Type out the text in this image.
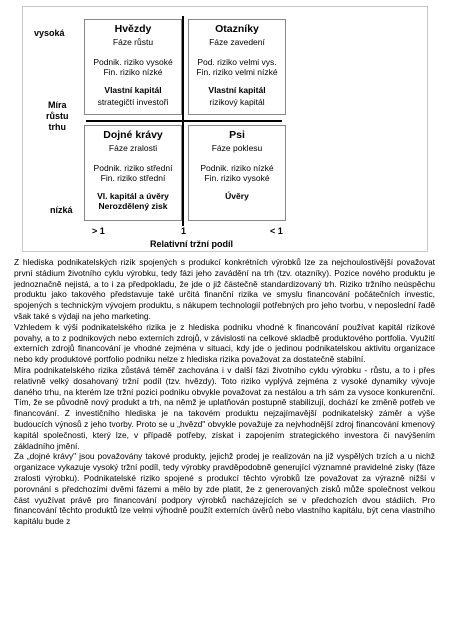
vysoká
Míra
růstu
trhu
nízká
Hvězdy
Fáze růstu
Podnik. riziko vysoké
Fin. riziko nízké
Vlastní kapitál
strategičtí investoři
Otazníky
Fáze zavedení
Pod. riziko velmi vys.
Fin. riziko velmi nízké
Vlastní kapitál
rizikový kapitál
Dojné krávy
Fáze zralosti
Podnik. riziko střední
Fin. riziko střední
Vl. kapitál a úvěry
Nerozdělený zisk
Psi
Fáze poklesu
Podnik. riziko nízké
Fin. riziko vysoké
Úvěry
> 1	1	< 1
Relativní tržní podíl

Z hlediska podnikatelských rizik spojených s produkcí konkrétních výrobků lze za nejchoulostivější považovat první stádium životního cyklu výrobku, tedy fázi jeho zavádění na trh (tzv. otazníky). Pozice nového produktu je jednoznačně nejistá, a to i za předpokladu, že jde o již částečně standardizovaný trh. Riziko tržního neúspěchu produktu jako takového představuje také určitá finanční rizika ve smyslu financování počátečních investic, spojených s technickým vývojem produktu, s nákupem technologií potřebných pro jeho tvorbu, v neposlední řadě však také s výdaji na jeho marketing.

Vzhledem k výši podnikatelského rizika je z hlediska podniku vhodné k financování používat kapitál rizikové povahy, a to z podnikových nebo externích zdrojů, v závislosti na celkové skladbě produktového portfolia. Využití externích zdrojů financování je vhodné zejména v situaci, kdy jde o jedinou podnikatelskou aktivitu organizace nebo kdy produktové portfolio podniku nelze z hlediska rizika považovat za dostatečně stabilní.

Míra podnikatelského rizika zůstává téměř zachována i v další fázi životního cyklu výrobku - růstu, a to i přes relativně velký dosahovaný tržní podíl (tzv. hvězdy). Toto riziko vyplývá zejména z vysoké dynamiky vývoje daného trhu, na kterém lze tržní pozici podniku obvykle považovat za nestálou a trh sám za vysoce konkurenční. Tím, že se původně nový produkt a trh, na němž je uplatňován postupně stabilizují, dochází ke změně potřeb ve financování. Z investičního hlediska je na takovém produktu nejzajímavější podnikatelský záměr a výše budoucích výnosů z jeho tvorby. Proto se u „hvězd" obvykle považuje za nejvhodnější zdroj financování kmenový kapitál společnosti, který lze, v případě potřeby, získat i zapojením strategického investora či navýšením základního jmění.

Za „dojné krávy" jsou považovány takové produkty, jejichž prodej je realizován na již vyspělých trzích a u nichž organizace vykazuje vysoký tržní podíl, tedy výrobky pravděpodobně generující významné pravidelné zisky (fáze zralosti výrobku). Podnikatelské riziko spojené s produkcí těchto výrobků lze považovat za výrazně nižší v porovnání s předchozími dvěmi fázemi a mělo by zde platit, že z generovaných zisků může společnost velkou část využívat právě pro financování podpory výrobků nacházejících se v předchozích dvou stádiích. Pro financování těchto produktů lze velmi výhodně použít externích úvěrů nebo vlastního kapitálu, být cena vlastního kapitálu bude z
